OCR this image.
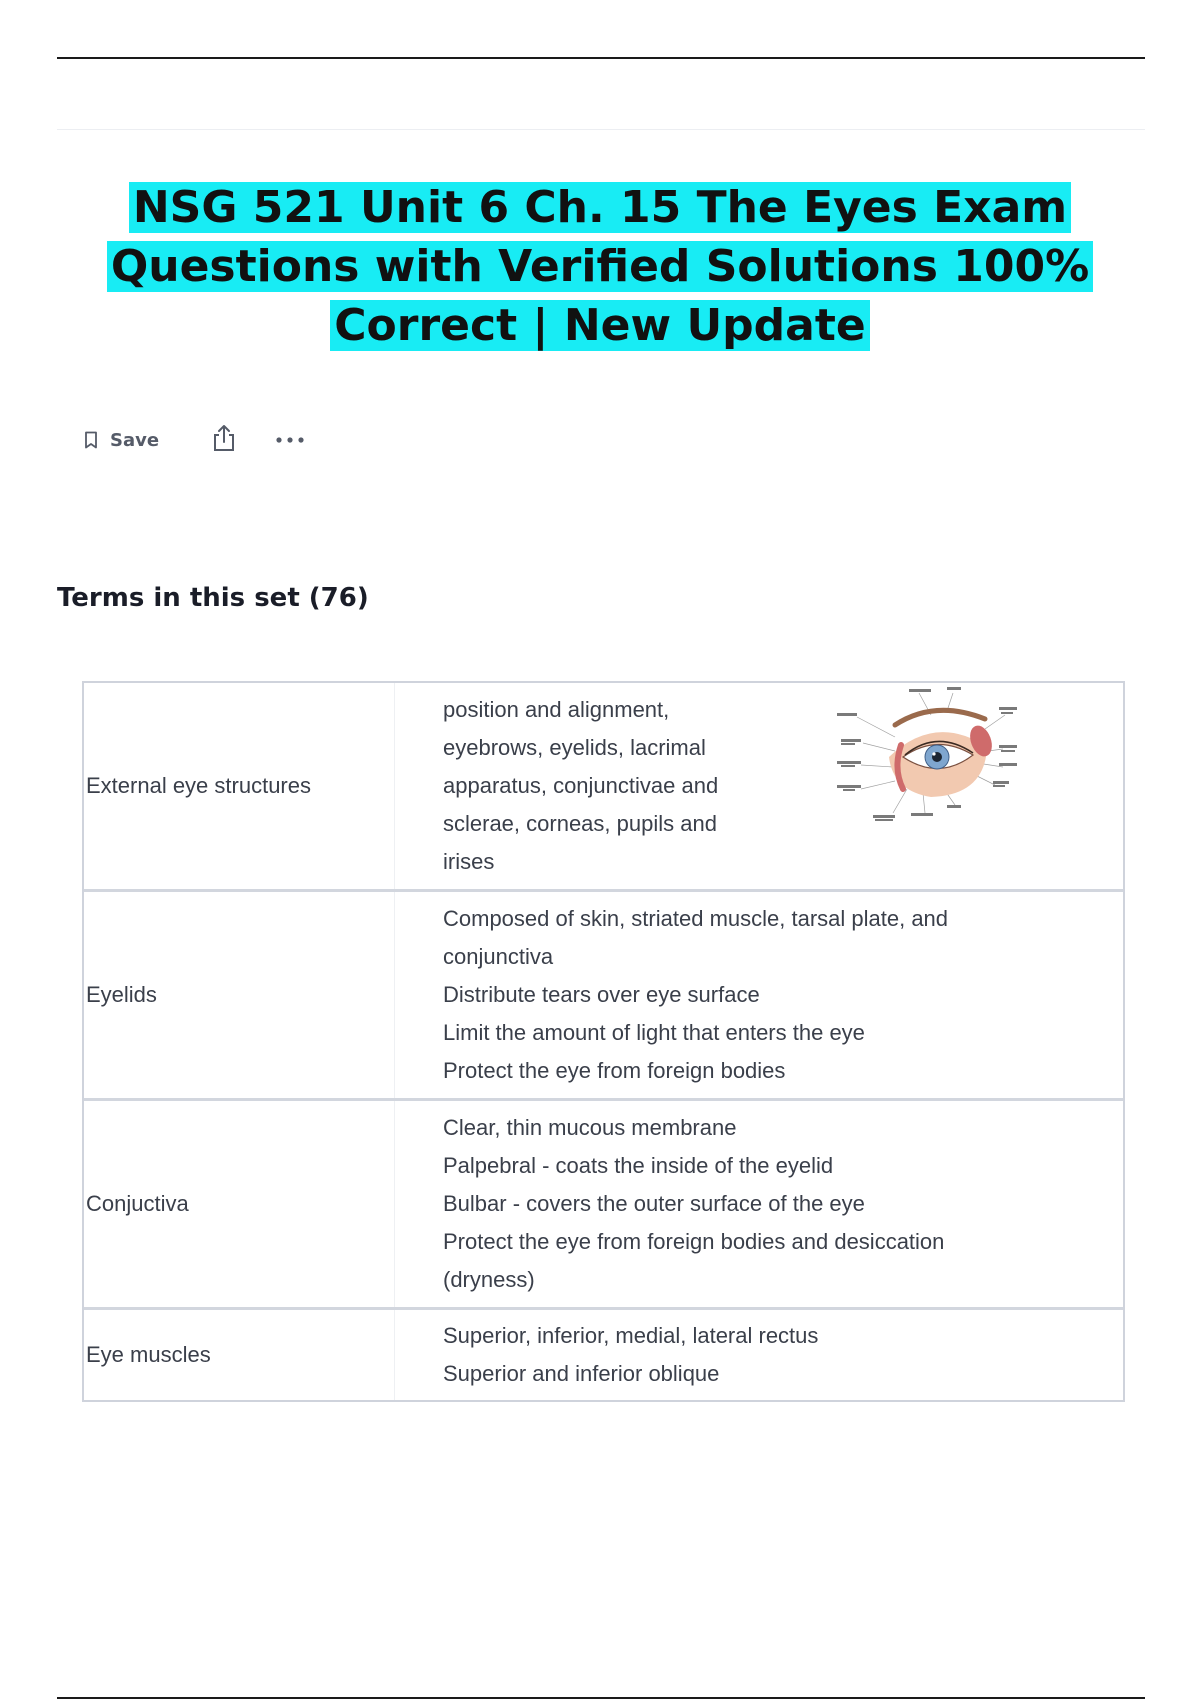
NSG 521 Unit 6 Ch. 15 The Eyes Exam Questions with Verified Solutions 100% Correct | New Update
Save
Terms in this set (76)
External eye structures
position and alignment,
eyebrows, eyelids, lacrimal
apparatus, conjunctivae and
sclerae, corneas, pupils and
irises
Eyelids
Composed of skin, striated muscle, tarsal plate, and
conjunctiva
Distribute tears over eye surface
Limit the amount of light that enters the eye
Protect the eye from foreign bodies
Conjuctiva
Clear, thin mucous membrane
Palpebral - coats the inside of the eyelid
Bulbar - covers the outer surface of the eye
Protect the eye from foreign bodies and desiccation
(dryness)
Eye muscles
Superior, inferior, medial, lateral rectus
Superior and inferior oblique
